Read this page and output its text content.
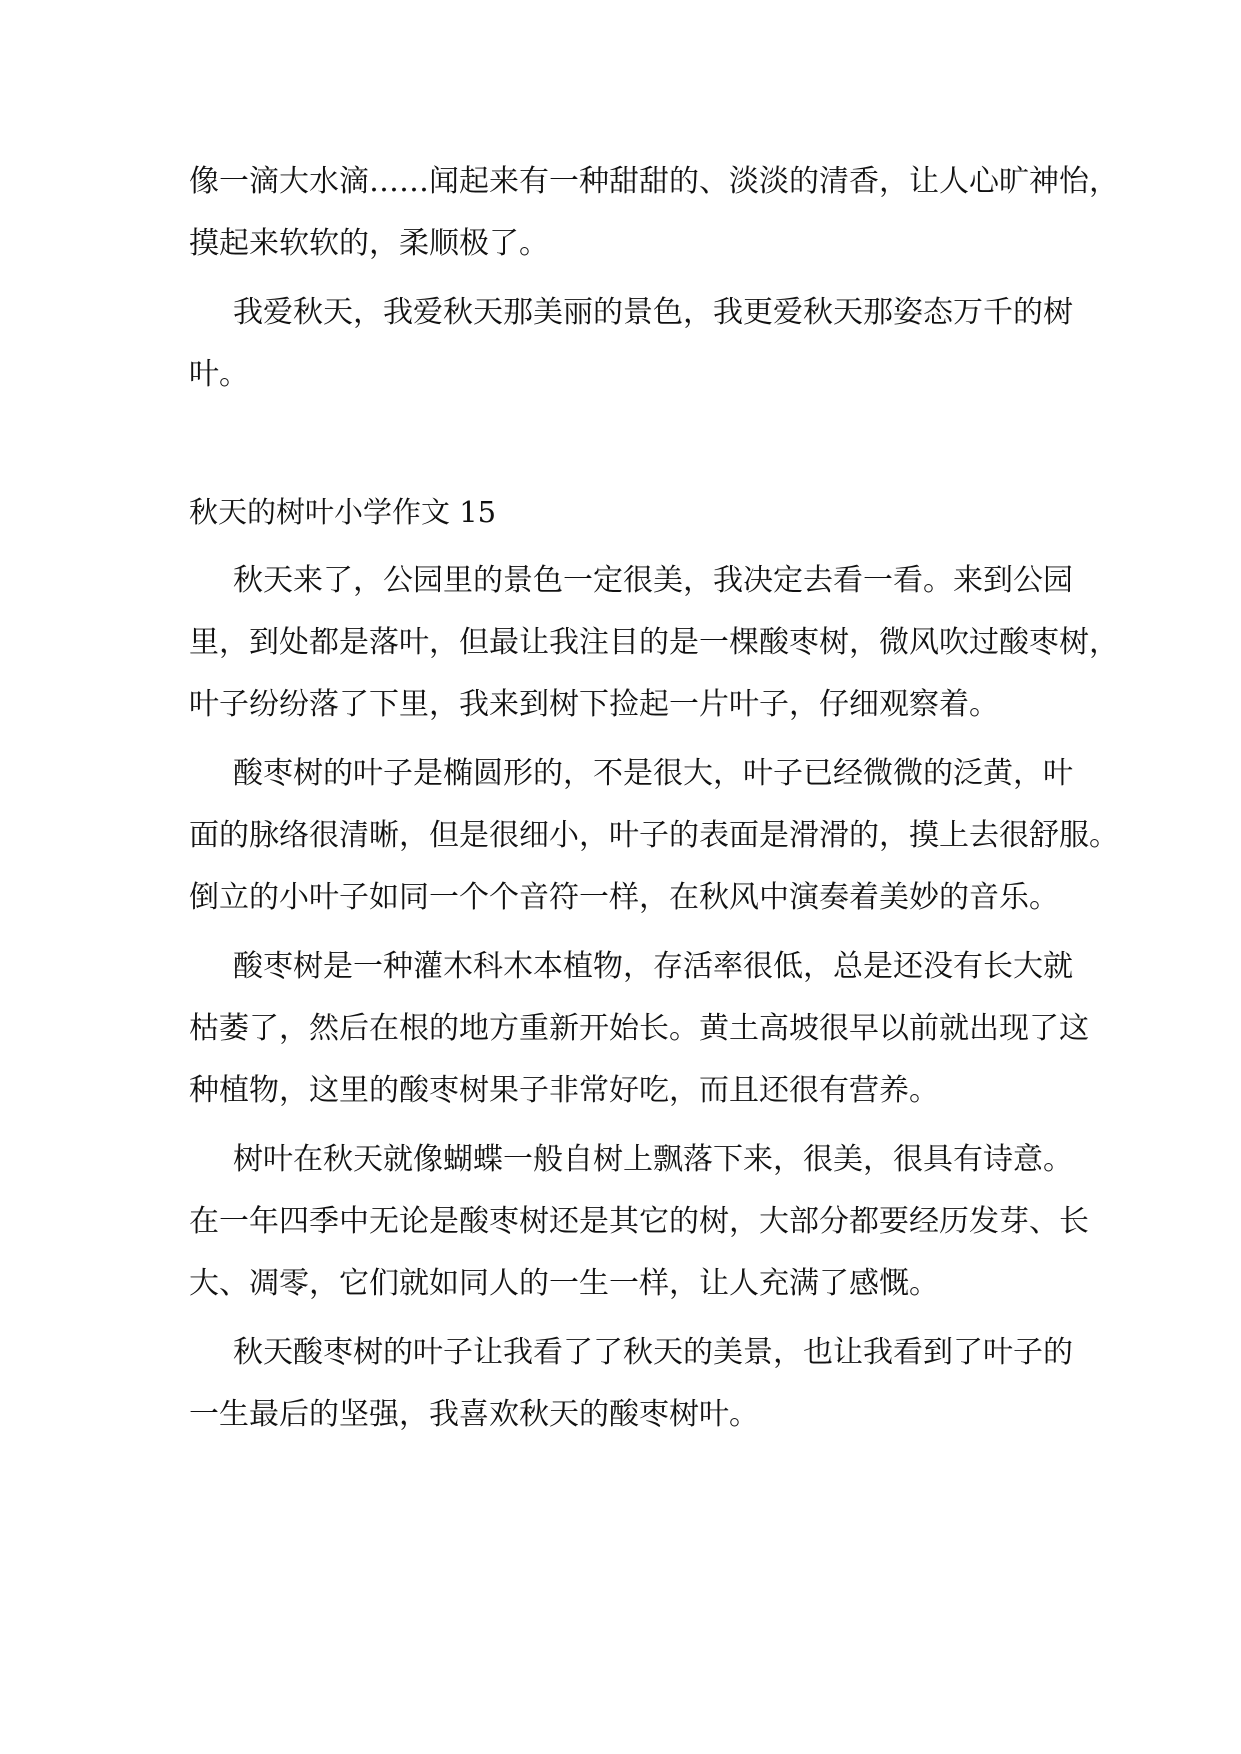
像一滴大水滴……闻起来有一种甜甜的、淡淡的清香，让人心旷神怡，
摸起来软软的，柔顺极了。
我爱秋天，我爱秋天那美丽的景色，我更爱秋天那姿态万千的树
叶。
秋天的树叶小学作文 15
秋天来了，公园里的景色一定很美，我决定去看一看。来到公园
里，到处都是落叶，但最让我注目的是一棵酸枣树，微风吹过酸枣树，
叶子纷纷落了下里，我来到树下捡起一片叶子，仔细观察着。
酸枣树的叶子是椭圆形的，不是很大，叶子已经微微的泛黄，叶
面的脉络很清晰，但是很细小，叶子的表面是滑滑的，摸上去很舒服。
倒立的小叶子如同一个个音符一样，在秋风中演奏着美妙的音乐。
酸枣树是一种灌木科木本植物，存活率很低，总是还没有长大就
枯萎了，然后在根的地方重新开始长。黄土高坡很早以前就出现了这
种植物，这里的酸枣树果子非常好吃，而且还很有营养。
树叶在秋天就像蝴蝶一般自树上飘落下来，很美，很具有诗意。
在一年四季中无论是酸枣树还是其它的树，大部分都要经历发芽、长
大、凋零，它们就如同人的一生一样，让人充满了感慨。
秋天酸枣树的叶子让我看了了秋天的美景，也让我看到了叶子的
一生最后的坚强，我喜欢秋天的酸枣树叶。
